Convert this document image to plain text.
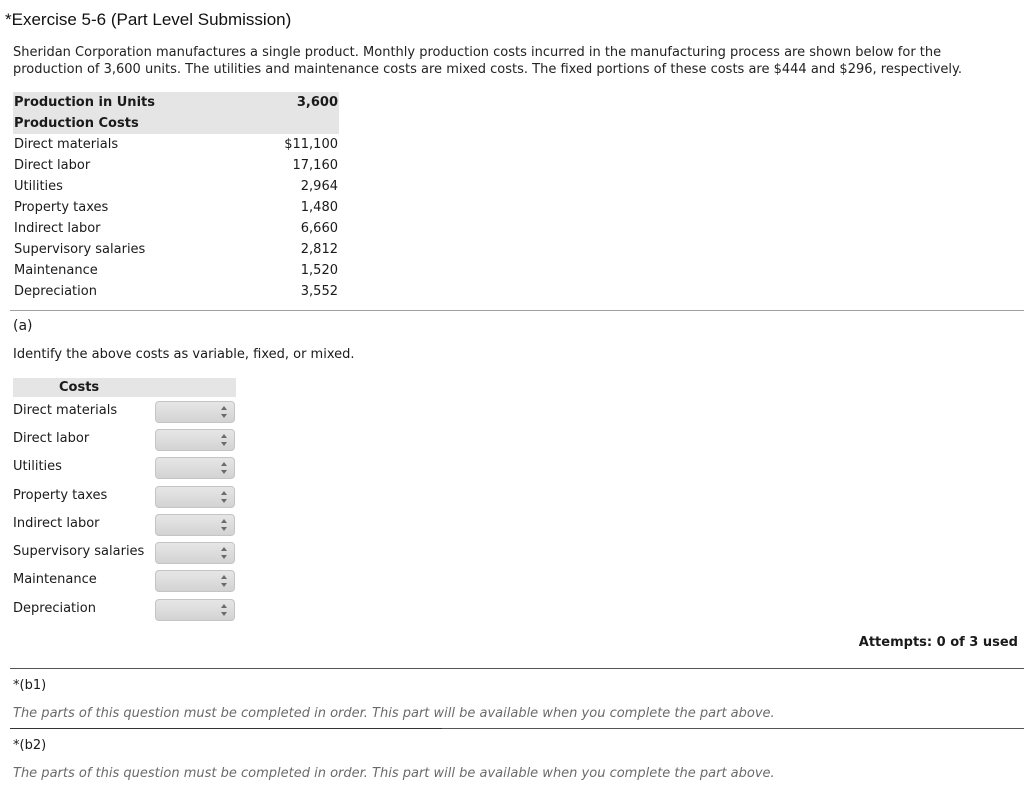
*Exercise 5-6 (Part Level Submission)
Sheridan Corporation manufactures a single product. Monthly production costs incurred in the manufacturing process are shown below for the
production of 3,600 units. The utilities and maintenance costs are mixed costs. The fixed portions of these costs are $444 and $296, respectively.
Production in Units	3,600
Production Costs	
Direct materials	$11,100
Direct labor	17,160
Utilities	2,964
Property taxes	1,480
Indirect labor	6,660
Supervisory salaries	2,812
Maintenance	1,520
Depreciation	3,552
(a)
Identify the above costs as variable, fixed, or mixed.
Costs
Direct materials
Direct labor
Utilities
Property taxes
Indirect labor
Supervisory salaries
Maintenance
Depreciation
Attempts: 0 of 3 used
*(b1)
The parts of this question must be completed in order. This part will be available when you complete the part above.
*(b2)
The parts of this question must be completed in order. This part will be available when you complete the part above.
